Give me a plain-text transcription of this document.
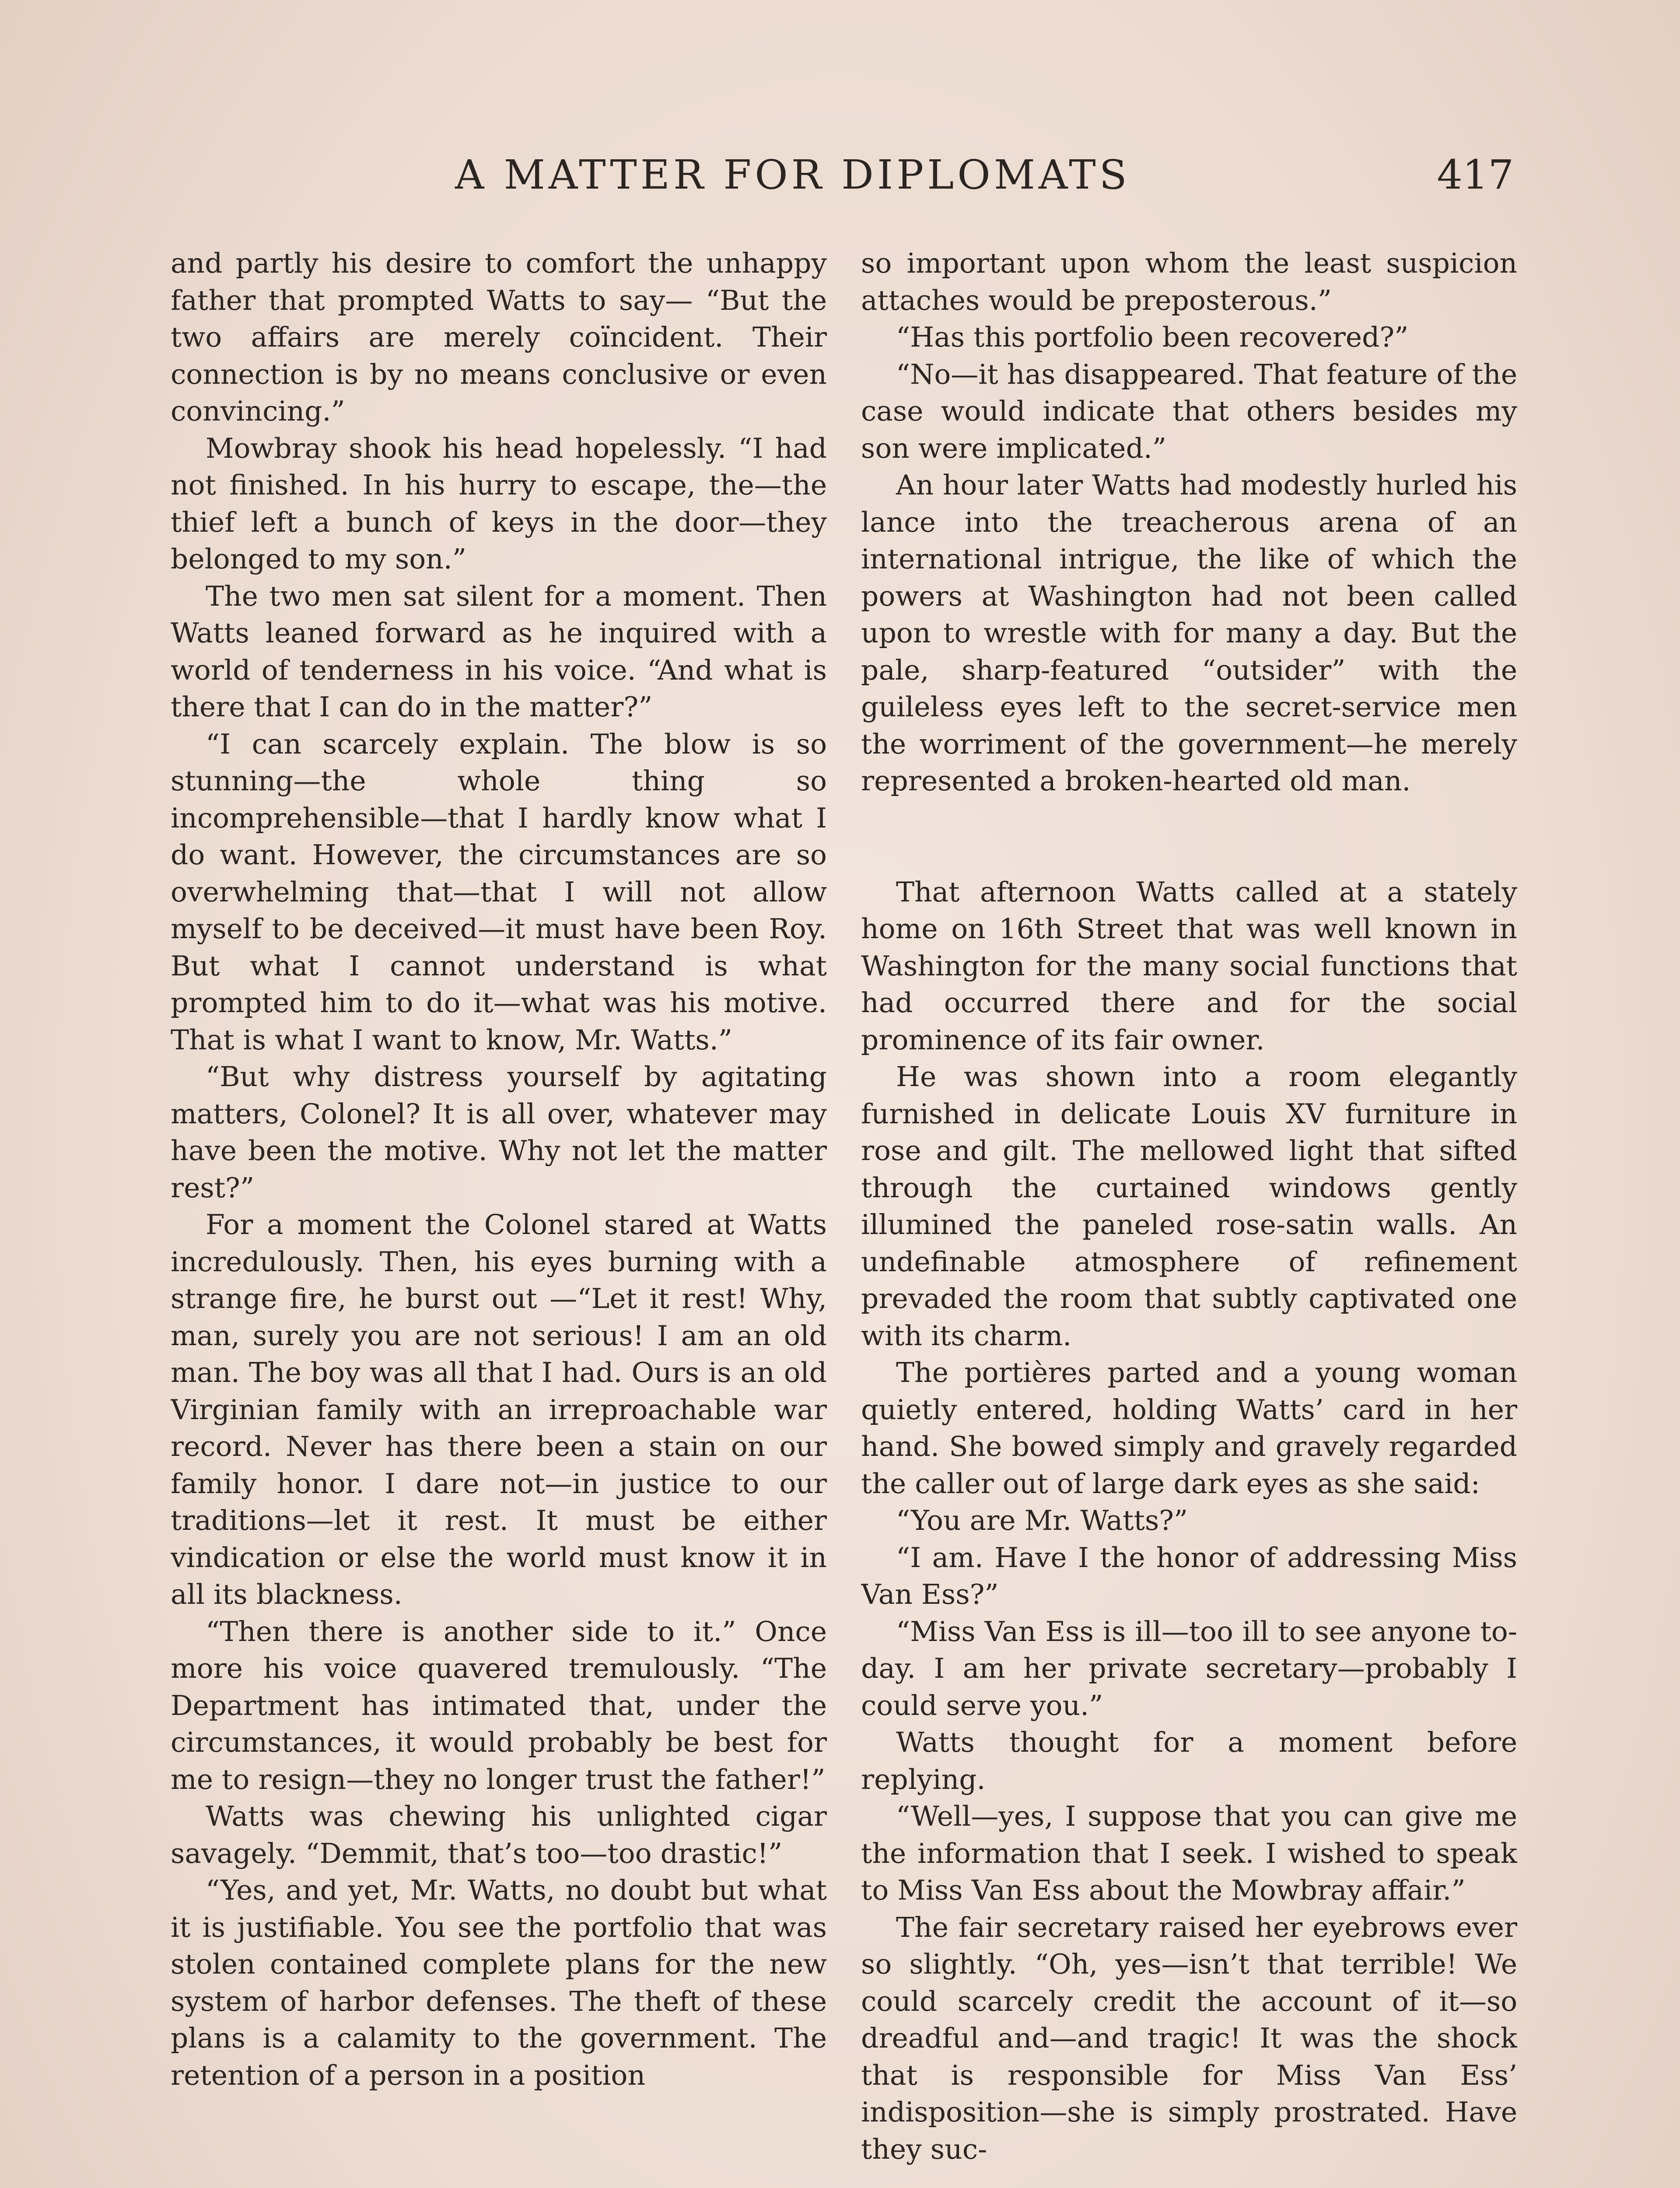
A MATTER FOR DIPLOMATS	417

and partly his desire to comfort the unhappy father that prompted Watts to say— “But the two affairs are merely coïncident. Their connection is by no means conclusive or even convincing.”

Mowbray shook his head hopelessly. “I had not finished. In his hurry to escape, the—the thief left a bunch of keys in the door—they belonged to my son.”

The two men sat silent for a moment. Then Watts leaned forward as he inquired with a world of tenderness in his voice. “And what is there that I can do in the matter?”

“I can scarcely explain. The blow is so stunning—the whole thing so incomprehensible—that I hardly know what I do want. However, the circumstances are so overwhelming that—that I will not allow myself to be deceived—it must have been Roy. But what I cannot understand is what prompted him to do it—what was his motive. That is what I want to know, Mr. Watts.”

“But why distress yourself by agitating matters, Colonel? It is all over, whatever may have been the motive. Why not let the matter rest?”

For a moment the Colonel stared at Watts incredulously. Then, his eyes burning with a strange fire, he burst out —“Let it rest! Why, man, surely you are not serious! I am an old man. The boy was all that I had. Ours is an old Virginian family with an irreproachable war record. Never has there been a stain on our family honor. I dare not—in justice to our traditions—let it rest. It must be either vindication or else the world must know it in all its blackness.

“Then there is another side to it.” Once more his voice quavered tremulously. “The Department has intimated that, under the circumstances, it would probably be best for me to resign—they no longer trust the father!”

Watts was chewing his unlighted cigar savagely. “Demmit, that’s too—too drastic!”

“Yes, and yet, Mr. Watts, no doubt but what it is justifiable. You see the portfolio that was stolen contained complete plans for the new system of harbor defenses. The theft of these plans is a calamity to the government. The retention of a person in a position

so important upon whom the least suspicion attaches would be preposterous.”

“Has this portfolio been recovered?”

“No—it has disappeared. That feature of the case would indicate that others besides my son were implicated.”

An hour later Watts had modestly hurled his lance into the treacherous arena of an international intrigue, the like of which the powers at Washington had not been called upon to wrestle with for many a day. But the pale, sharp-featured “outsider” with the guileless eyes left to the secret-service men the worriment of the government—he merely represented a broken-hearted old man.

That afternoon Watts called at a stately home on 16th Street that was well known in Washington for the many social functions that had occurred there and for the social prominence of its fair owner.

He was shown into a room elegantly furnished in delicate Louis XV furniture in rose and gilt. The mellowed light that sifted through the curtained windows gently illumined the paneled rose-satin walls. An undefinable atmosphere of refinement prevaded the room that subtly captivated one with its charm.

The portières parted and a young woman quietly entered, holding Watts’ card in her hand. She bowed simply and gravely regarded the caller out of large dark eyes as she said:

“You are Mr. Watts?”

“I am. Have I the honor of addressing Miss Van Ess?”

“Miss Van Ess is ill—too ill to see anyone to-day. I am her private secretary—probably I could serve you.”

Watts thought for a moment before replying.

“Well—yes, I suppose that you can give me the information that I seek. I wished to speak to Miss Van Ess about the Mowbray affair.”

The fair secretary raised her eyebrows ever so slightly. “Oh, yes—isn’t that terrible! We could scarcely credit the account of it—so dreadful and—and tragic! It was the shock that is responsible for Miss Van Ess’ indisposition—she is simply prostrated. Have they suc-
